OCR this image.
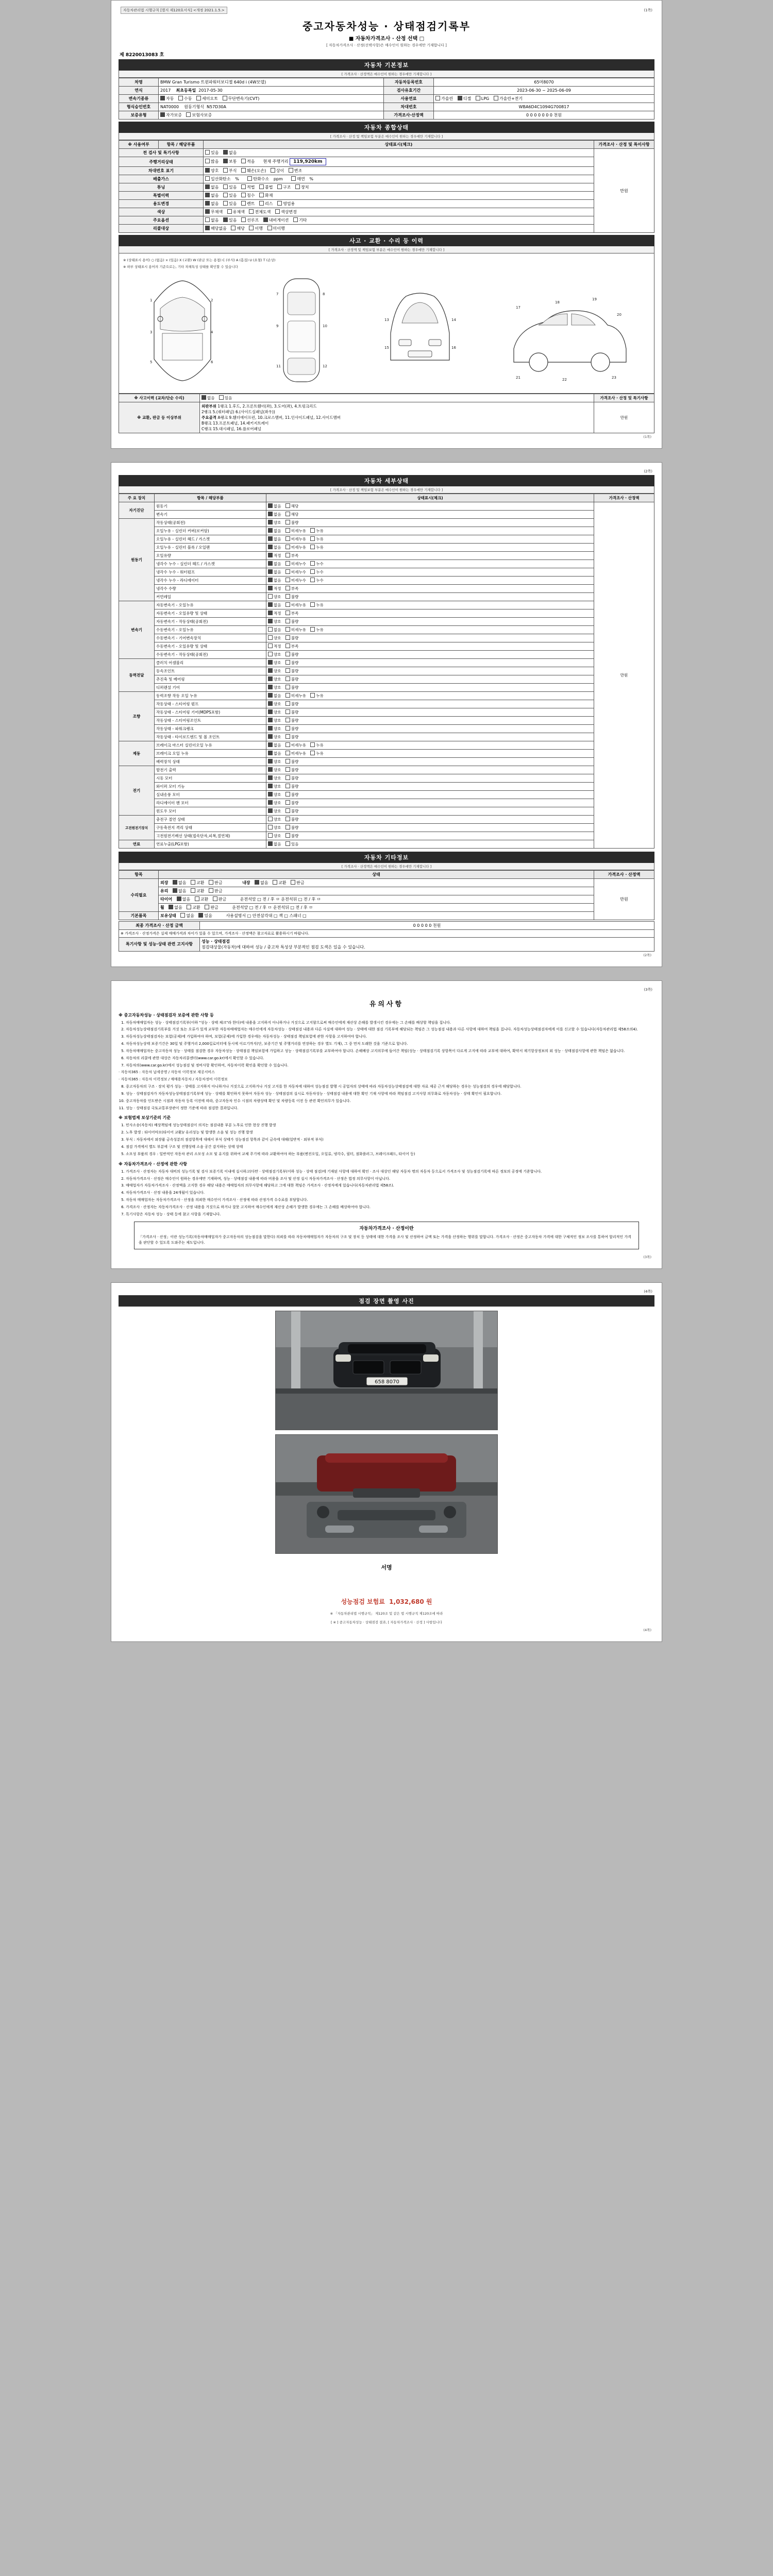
자동차관리법 시행규칙 [별지 제120호서식] <개정 2021.1.5.>	(1쪽)
중고자동차성능 · 상태점검기록부
■ 자동차가격조사 · 산정 선택 □
[ 자동차가격조사 · 산정(선택사항)은 매수인이 원하는 경우에만 기재합니다 ]
제 8220013083 호
자동차 기본정보
[ 가격조사 · 산정액은 매수인이 원하는 경우에만 기재합니다 ]
차명	BMW Gran Turismo 트윈파워터보디젤 640d i (4W모델)	자동차등록번호	65머8070
연식	2017 최초등록일 2017-05-30	검사유효기간	2023-06-30 ~ 2025-06-09
변속기종류	자동 수동 세미오토 무단변속기(CVT)	사용연료	가솔린 디젤 LPG 가솔린+전기
형식승인번호	NAT0000 원동기형식 N57D30A	차대번호	WBA6D4C1094G700817
보증유형	자가보증 보험사보증	가격조사·산정액	0 0 0 0 0 0 0 천원
자동차 종합상태
[ 가격조사 · 산정 및 책임보험 부분은 매수인이 원하는 경우에만 기재합니다 ]
※ 사용여부	항목 / 해당부품	상태표시(체크)	가격조사 · 산정 및 특이사항
전 검사 및 특기사항		있음 없음	만원
주행거리상태		많음 보통 적음 현재 주행거리 119,920km	
차대번호 표기		양호 부식 훼손(오손) 상이 변조	
배출가스		일산화탄소 % 탄화수소 ppm 매연 %	
튜닝		없음 있음 적법 불법 구조 장치	
특별이력		없음 있음 침수 화재	
용도변경		없음 있음 렌트 리스 영업용	
색상		무채색 유채색 전체도색 색상변경	
주요옵션		없음 있음 선루프 내비게이션 기타	
리콜대상		해당없음 해당 이행 미이행	
사고 · 교환 · 수리 등 이력
[ 가격조사 · 산정액 및 책임보험 부분은 매수인이 원하는 경우에만 기재합니다 ]
※ (상태표시 용어) ○ (없음) × (있음) X (교환) W (판금 또는 용접) C (부식) A (흠집) U (요철) T (손상)
※ 하부 상태표시 용어의 기준으로는, 기타 차체특성 상태를 확인할 수 있습니다
1	2
3	4
5	6
7	8
9	10
11	12
13	14
15	16
17
18
19
20
21	22	23
※ 사고이력 (교차/단순 수리)	없음 있음	가격조사 · 산정 및 특기사항
※ 교환, 판금 등 이상부위	외판부위 1랭크 1.후드, 2.프론트휀더(좌), 3.도어(좌), 4.트렁크리드
2랭크 5.(쿼터패널) 6.(사이드실패널(좌우))
주요골격 A랭크 9.휀더에이프런, 10.크로스멤버, 11.인사이드패널, 12.사이드멤버
B랭크 13.프론트패널, 14.패키지트레이
C랭크 15.대시패널, 16.플로어패널	만원
(1쪽)
(2쪽)
자동차 세부상태
[ 가격조사 · 산정 및 책임보험 부분은 매수인이 원하는 경우에만 기재합니다 ]
주 요 장치	항목 / 해당부품	상태표시(체크)	가격조사 · 산정액
자기진단	원동기	없음 해당	만원
	변속기	없음 해당	
원동기	작동상태(공회전)	양호 불량	
	오일누유 - 실린더 커버(로커암)	없음 미세누유 누유	
	오일누유 - 실린더 헤드 / 가스켓	없음 미세누유 누유	
	오일누유 - 실린더 블록 / 오일팬	없음 미세누유 누유	
	오일유량	적정 부족	
	냉각수 누수 - 실린더 헤드 / 가스켓	없음 미세누수 누수	
	냉각수 누수 - 워터펌프	없음 미세누수 누수	
	냉각수 누수 - 라디에이터	없음 미세누수 누수	
	냉각수 수량	적정 부족	
	커먼레일	양호 불량	
변속기	자동변속기 - 오일누유	없음 미세누유 누유	
	자동변속기 - 오일유량 및 상태	적정 부족	
	자동변속기 - 작동상태(공회전)	양호 불량	
	수동변속기 - 오일누유	없음 미세누유 누유	
	수동변속기 - 기어변속장치	양호 불량	
	수동변속기 - 오일유량 및 상태	적정 부족	
	수동변속기 - 작동상태(공회전)	양호 불량	
동력전달	클러치 어셈블리	양호 불량	
	등속조인트	양호 불량	
	추진축 및 베어링	양호 불량	
	디퍼렌셜 기어	양호 불량	
조향	동력조향 작동 오일 누유	없음 미세누유 누유	
	작동상태 - 스티어링 펌프	양호 불량	
	작동상태 - 스티어링 기어(MDPS포함)	양호 불량	
	작동상태 - 스티어링조인트	양호 불량	
	작동상태 - 파워크랭크	양호 불량	
	작동상태 - 타이로드엔드 및 볼 조인트	양호 불량	
제동	브레이크 마스터 실린더오일 누유	없음 미세누유 누유	
	브레이크 오일 누유	없음 미세누유 누유	
	배력장치 상태	양호 불량	
전기	발전기 출력	양호 불량	
	시동 모터	양호 불량	
	와이퍼 모터 기능	양호 불량	
	실내송풍 모터	양호 불량	
	라디에이터 팬 모터	양호 불량	
	윈도우 모터	양호 불량	
고전원전기장치	충전구 절연 상태	양호 불량	
	구동축전지 격리 상태	양호 불량	
	고전원전기배선 상태(접속단자,피복,절연체)	양호 불량	
연료	연료누출(LPG포함)	없음 있음	
자동차 기타정보
[ 가격조사 · 산정액은 매수인이 원하는 경우에만 기재합니다 ]
항목	상태	가격조사 · 산정액
수리필요	외장 없음 교환 판금 내장 없음 교환 판금	만원
	유리 없음 교환 판금	
	타이어 없음 교환 판금 운전석앞 □ 전 / 후 ㅁ 운전석뒤 □ 전 / 후 ㅁ	
	휠 없음 교환 판금 운전석앞 □ 전 / 후 ㅁ 운전석뒤 □ 전 / 후 ㅁ	
기본품목	보유상태 없음 있음 사용설명서 □ 안전삼각대 □ 잭 □ 스패너 □	
최종 가격조사 · 산정 금액	0 0 0 0 0 천원
※ 가격조사 · 산정가격은 실제 매매가격과 차이가 있을 수 있으며, 가격조사 · 산정액은 참고자료로 활용하시기 바랍니다.	
특기사항 및 성능·상태 관련 고지사항	성능 · 상태점검
점검대상물(자동차)에 대하여 성능 / 중고차 특성상 부분적인 점검 도색은 있을 수 있습니다.
(2쪽)
(3쪽)
유의사항
※ 중고자동차성능 · 상태점검자 보증에 관한 사항 등
1. 자동차매매업자는 성능 · 상태점검기록부(이하 "성능 · 상태 체크"라 한다)에 내용을 고지하지 아니하거나 거짓으로 고지함으로써 매수인에게 재산상 손해를 발생시킨 경우에는 그 손해를 배상할 책임을 집니다.
2. 자동차성능상태점검기록부를 거짓 또는 오류가 있게 교부한 자동차매매업자는 매수인에게 자동차성능 · 상태점검 내용과 다른 사실에 대하여 성능 · 상태에 대한 점검 기록부에 해당되는 책임은 그 성능점검 내용과 다른 사항에 대하여 책임을 집니다. 자동차성능상태점검자에게 이를 신고할 수 있습니다(자동차관리법 제58조의4).
3. 자동차성능상태점검자는 보험(공제)에 가입하여야 하며, 보험(공제)에 가입한 경우에는 자동차성능 · 상태점검 책임보험에 관한 사항을 고지하여야 합니다.
4. 자동차성능상태 보증기간은 30일 및 주행거리 2,000킬로미터에 동시에 이르기까지(단, 보증기간 및 주행거리를 연장하는 경우 별도 기재), 그 중 먼저 도래한 것을 기준으로 합니다.
5. 자동차매매업자는 중고자동차 성능 · 상태를 점검한 경우 자동차성능 · 상태점검 책임보험에 가입하고 성능 · 상태점검기록부를 교부하여야 합니다. 손해배상 고지의무에 들어간 책임(성능 · 상태점검기록 상항목이 다르게 고지에 따라 교부에 대하여, 확약서 제기항상정보의 외 성능 · 상태점검사항에 관한 책임은 없습니다.
6. 자동차의 리콜에 관한 대상은 자동차리콜센터(www.car.go.kr)에서 확인할 수 있습니다.
7. 자동차의(www.car.go.kr)에서 성능점검 및 정비사항 확인하여, 자동차이력 확인을 확인할 수 있습니다.

· 자동차365 : 자동차 납세증명 / 자동차 이력정보 제공서비스

· 자동차365 : 자동차 이력정보 / 매매용자동차 / 자동차정비 이력정보

8. 중고자동차의 구조 · 장치 평가 성능 · 상태를 고지하지 아니하거나 거짓으로 고지하거나 거짓 고지를 한 자동차에 대하여 성능점검 발행 시 공업자의 상태에 따라 자동차성능상태점검에 대한 자료 제공 근거 해당하는 경우는 성능점검의 경우에 해당합니다.
9. 성능 · 상태점검자가 자동차성능상태점검기록부에 성능 · 상태를 확인하지 못하여 자동차 성능 · 상태점검의 실시로 자동차성능 · 상태점검 내용에 대한 확인 기재 사항에 따라 책임점검 고지사항 의무화로 자동차성능 · 상태 확인이 필요합니다.
10. 중고자동차를 인도받은 시점과 자동차 등록 이전에 따라, 중고자동차 인수 시점의 차량상태 확인 및 차량등록 이전 등 관련 확인의무가 있습니다.
11. 성능 · 상태점검 국토교통부장관이 정한 기준에 따라 점검한 결과입니다.
※ 보험법제 보상기준의 기준
1. 민사소송(자동차) 배상책임에 성능상태점검이 의지는 점검내용 부분 노후로 인한 현상 진행 발생
2. 노후 발생 : 타이어마모(타이어 교환)/ 유리성능 및 발생한 소음 및 성능 진행 발생
3. 부식 : 자동차에서 외장품 금속성분의 점검항목에 대해서 부식 상태가 성능점검 항목과 같이 금속에 대해(일반적 · 외부적 부식)
4. 점검 가격에서 별도 부분에 구조 및 진행상태 소음 공간 감지하는 상태 상태
5. 소모성 부품의 경우 : 일반적인 자동차 관리 소모성 소모 및 유지를 위하여 교체 주기에 따라 교환하여야 하는 부품(엔진오일, 오일류, 냉각수, 필터, 점화플러그, 브레이크패드, 타이어 등)
※ 자동차가격조사 · 산정에 관한 사항
1. 가격조사 · 산정자는 자동차 대비의 성능기록 및 검사 보증기록 이내에 실시하고(다만 · 상태점검기록부(이하 성능 · 상태 점검)에 기재된 사항에 대하여 확인 · 조사 대상인 해당 자동차 명의 자동차 등으로서 가격조사 및 성능점검기록에 따른 정보의 공정에 기준합니다.
2. 자동차가격조사 · 산정은 매수인이 원하는 경우에만 기재하며, 성능 · 상태점검 내용에 따라 비용을 조사 및 산정 실시 자동차가격조사 · 산정은 법정 의무사항이 아닙니다.
3. 매매업자가 자동차가격조사 · 산정액을 고지한 경우 해당 내용은 매매업자의 의무사항에 해당하고 그에 대한 책임은 가격조사 · 산정자에게 있습니다(자동차관리법 제58조).
4. 자동차가격조사 · 산정 내용을 24개월이 있습니다.
5. 자동차 매매업자는 자동차가격조사 · 산정을 의뢰한 매수인이 가격조사 · 산정에 따라 산정가격 수수료를 부담합니다.
6. 가격조사 · 산정자는 자동차가격조사 · 산정 내용을 거짓으로 하거나 잘못 고지하여 매수인에게 재산상 손해가 발생한 경우에는 그 손해를 배상하여야 합니다.
7. 특기사항은 자동차 성능 · 상태 등에 참고 사항을 기재합니다.
자동차가격조사 · 산정이란
「가격조사 · 산정」이란 성능기록(자동차매매업자가 중고자동차의 성능점검을 말한다) 의뢰를 따라 자동차매매업자가 자동차의 구조 및 장치 등 상태에 대한 가격을 조사 및 산정하여 금액 또는 가격을 산정하는 행위를 말합니다. 가격조사 · 산정은 중고자동차 가격에 대한 구체적인 정보 조사를 통하여 합리적인 가격을 판단할 수 있도록 도와주는 제도입니다.
(3쪽)
(4쪽)
점검 장면 촬영 사진
658 8070
서명
성능점검 보험료 1,032,680 원
※ 「자동차관리법 시행규칙」 제120조 및 같은 법 시행규칙 제120조에 따라
[ ※ ] 중고자동차성능 · 상태점검 결과, [ 자동차가격조사 · 산정 ] 사항입니다
(4쪽)
